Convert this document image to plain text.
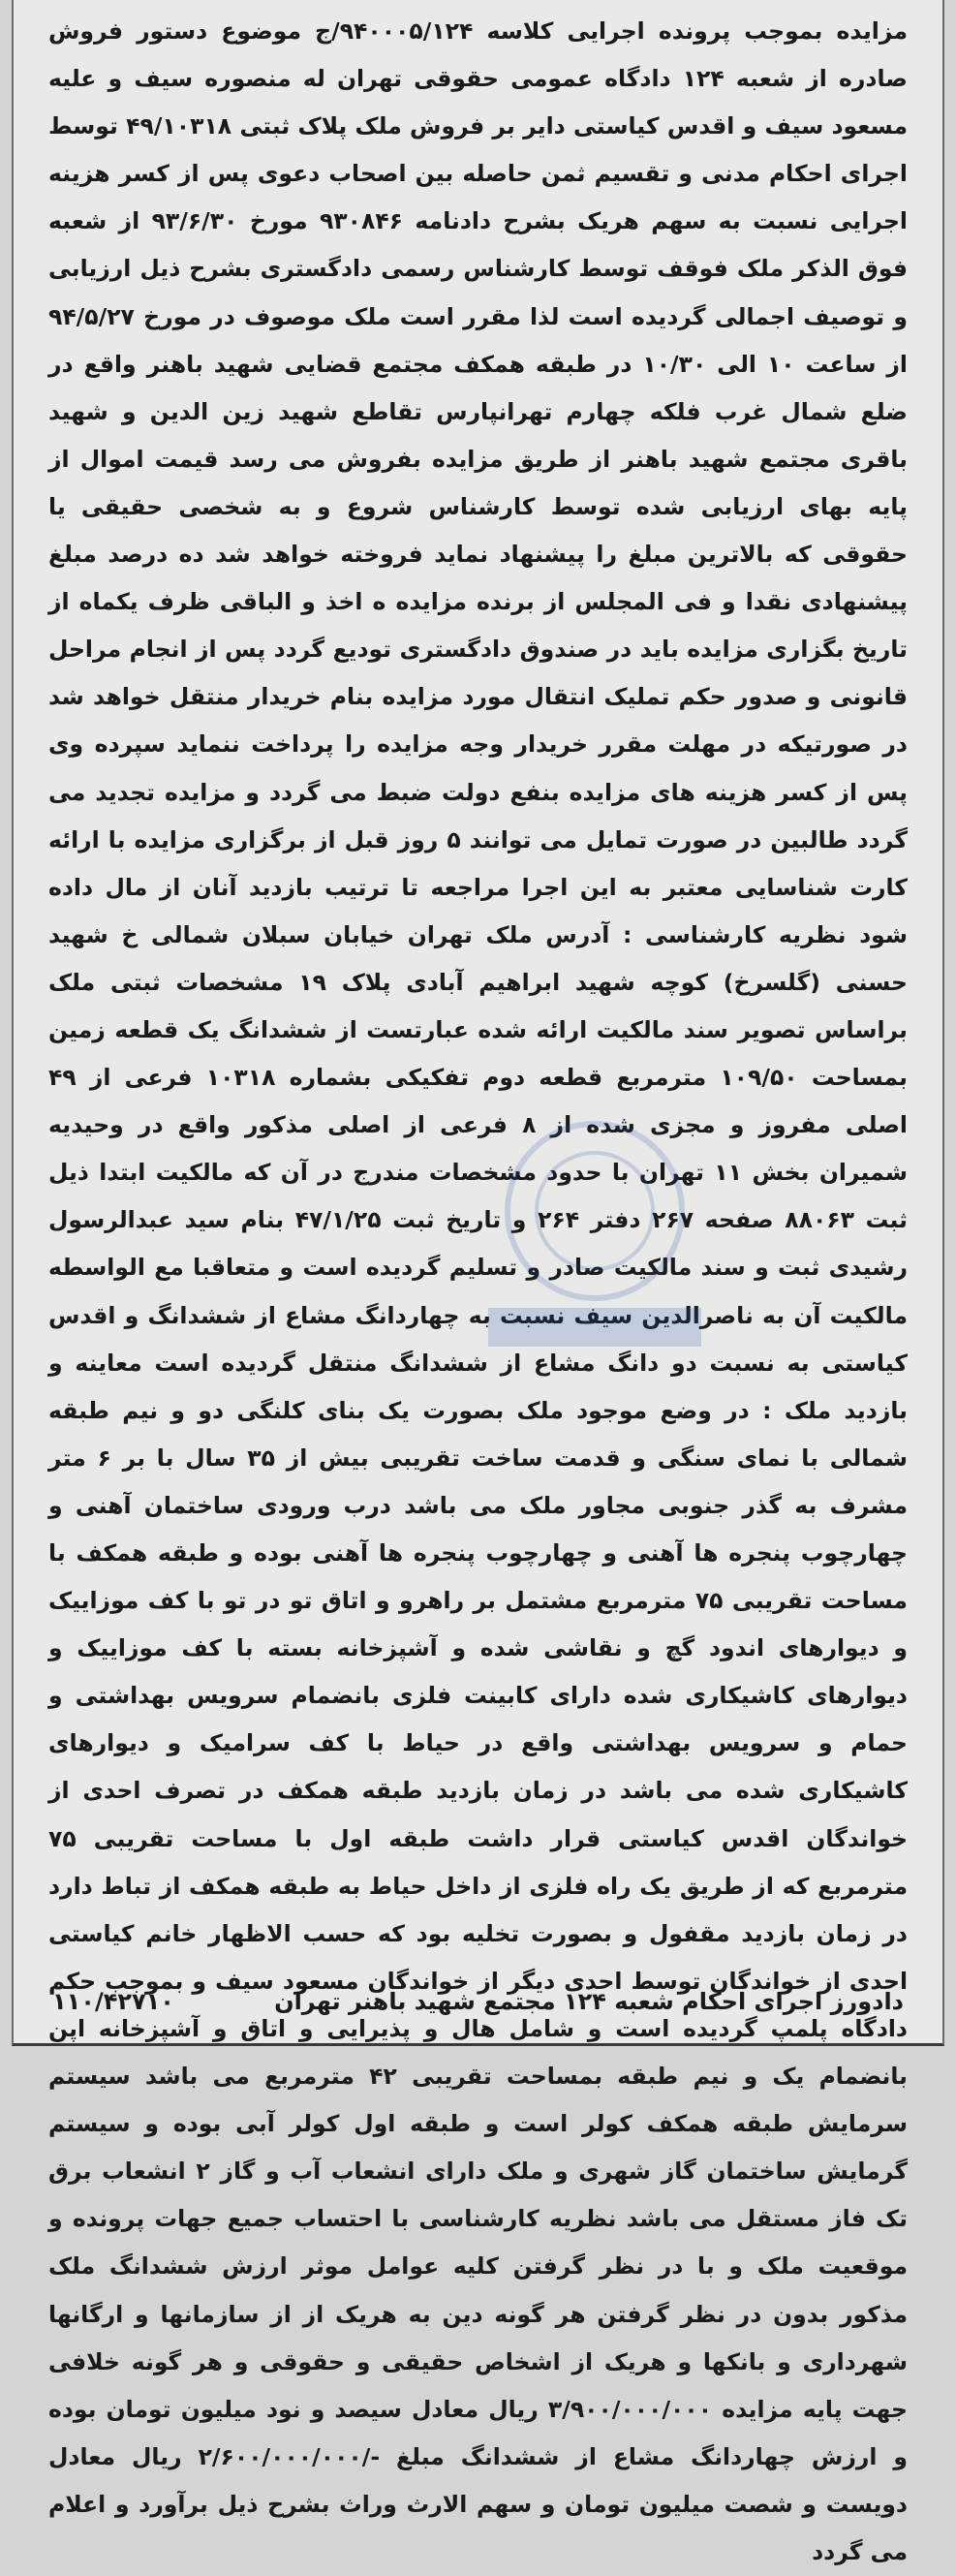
مزایده بموجب پرونده اجرایی کلاسه ۹۴۰۰۰۵/۱۲۴/ج موضوع دستور فروش صادره از شعبه ۱۲۴ دادگاه عمومی حقوقی تهران له منصوره سیف و علیه مسعود سیف و اقدس کیاستی دایر بر فروش ملک پلاک ثبتی ۴۹/۱۰۳۱۸ توسط اجرای احکام مدنی و تقسیم ثمن حاصله بین اصحاب دعوی پس از کسر هزینه اجرایی نسبت به سهم هریک بشرح دادنامه ۹۳۰۸۴۶ مورخ ۹۳/۶/۳۰ از شعبه فوق الذکر ملک فوقف توسط کارشناس رسمی دادگستری بشرح ذیل ارزیابی و توصیف اجمالی گردیده است لذا مقرر است ملک موصوف در مورخ ۹۴/۵/۲۷ از ساعت ۱۰ الی ۱۰/۳۰ در طبقه همکف مجتمع قضایی شهید باهنر واقع در ضلع شمال غرب فلکه چهارم تهرانپارس تقاطع شهید زین الدین و شهید باقری مجتمع شهید باهنر از طریق مزایده بفروش می رسد قیمت اموال از پایه بهای ارزیابی شده توسط کارشناس شروع و به شخصی حقیقی یا حقوقی که بالاترین مبلغ را پیشنهاد نماید فروخته خواهد شد ده درصد مبلغ پیشنهادی نقدا و فی المجلس از برنده مزایده ه اخذ و الباقی ظرف یکماه از تاریخ بگزاری مزایده باید در صندوق دادگستری تودیع گردد پس از انجام مراحل قانونی و صدور حکم تملیک انتقال مورد مزایده بنام خریدار منتقل خواهد شد در صورتیکه در مهلت مقرر خریدار وجه مزایده را پرداخت ننماید سپرده وی پس از کسر هزینه های مزایده بنفع دولت ضبط می گردد و مزایده تجدید می گردد طالبین در صورت تمایل می توانند ۵ روز قبل از برگزاری مزایده با ارائه کارت شناسایی معتبر به این اجرا مراجعه تا ترتیب بازدید آنان از مال داده شود نظریه کارشناسی : آدرس ملک تهران خیابان سبلان شمالی خ شهید حسنی (گلسرخ) کوچه شهید ابراهیم آبادی پلاک ۱۹ مشخصات ثبتی ملک براساس تصویر سند مالکیت ارائه شده عبارتست از ششدانگ یک قطعه زمین بمساحت ۱۰۹/۵۰ مترمربع قطعه دوم تفکیکی بشماره ۱۰۳۱۸ فرعی از ۴۹ اصلی مفروز و مجزی شده از ۸ فرعی از اصلی مذکور واقع در وحیدیه شمیران بخش ۱۱ تهران با حدود مشخصات مندرج در آن که مالکیت ابتدا ذیل ثبت ۸۸۰۶۳ صفحه ۲۶۷ دفتر ۲۶۴ و تاریخ ثبت ۴۷/۱/۲۵ بنام سید عبدالرسول رشیدی ثبت و سند مالکیت صادر و تسلیم گردیده است و متعاقبا مع الواسطه مالکیت آن به ناصرالدین سیف نسبت به چهاردانگ مشاع از ششدانگ و اقدس کیاستی به نسبت دو دانگ مشاع از ششدانگ منتقل گردیده است معاینه و بازدید ملک : در وضع موجود ملک بصورت یک بنای کلنگی دو و نیم طبقه شمالی با نمای سنگی و قدمت ساخت تقریبی بیش از ۳۵ سال با بر ۶ متر مشرف به گذر جنوبی مجاور ملک می باشد درب ورودی ساختمان آهنی و چهارچوب پنجره ها آهنی و چهارچوب پنجره ها آهنی بوده و طبقه همکف با مساحت تقریبی ۷۵ مترمربع مشتمل بر راهرو و اتاق تو در تو با کف موزاییک و دیوارهای اندود گچ و نقاشی شده و آشپزخانه بسته با کف موزاییک و دیوارهای کاشیکاری شده دارای کابینت فلزی بانضمام سرویس بهداشتی و حمام و سرویس بهداشتی واقع در حیاط با کف سرامیک و دیوارهای کاشیکاری شده می باشد در زمان بازدید طبقه همکف در تصرف احدی از خواندگان اقدس کیاستی قرار داشت طبقه اول با مساحت تقریبی ۷۵ مترمربع که از طریق یک راه فلزی از داخل حیاط به طبقه همکف از تباط دارد در زمان بازدید مقفول و بصورت تخلیه بود که حسب الاظهار خانم کیاستی احدی از خواندگان توسط احدی دیگر از خواندگان مسعود سیف و بموجب حکم دادگاه پلمپ گردیده است و شامل هال و پذیرایی و اتاق و آشپزخانه اپن بانضمام یک و نیم طبقه بمساحت تقریبی ۴۲ مترمربع می باشد سیستم سرمایش طبقه همکف کولر است و طبقه اول کولر آبی بوده و سیستم گرمایش ساختمان گاز شهری و ملک دارای انشعاب آب و گاز ۲ انشعاب برق تک فاز مستقل می باشد نظریه کارشناسی با احتساب جمیع جهات پرونده و موقعیت ملک و با در نظر گرفتن کلیه عوامل موثر ارزش ششدانگ ملک مذکور بدون در نظر گرفتن هر گونه دین به هریک از از سازمانها و ارگانها شهرداری و بانکها و هریک از اشخاص حقیقی و حقوقی و هر گونه خلافی جهت پایه مزایده ۳/۹۰۰/۰۰۰/۰۰۰ ریال معادل سیصد و نود میلیون تومان بوده و ارزش چهاردانگ مشاع از ششدانگ مبلغ -/۲/۶۰۰/۰۰۰/۰۰۰ ریال معادل دویست و شصت میلیون تومان و سهم الارث وراث بشرح ذیل برآورد و اعلام می گردد

دادورز اجرای احکام شعبه ۱۲۴ مجتمع شهید باهنر تهران
۱۱۰/۴۲۷۱۰
